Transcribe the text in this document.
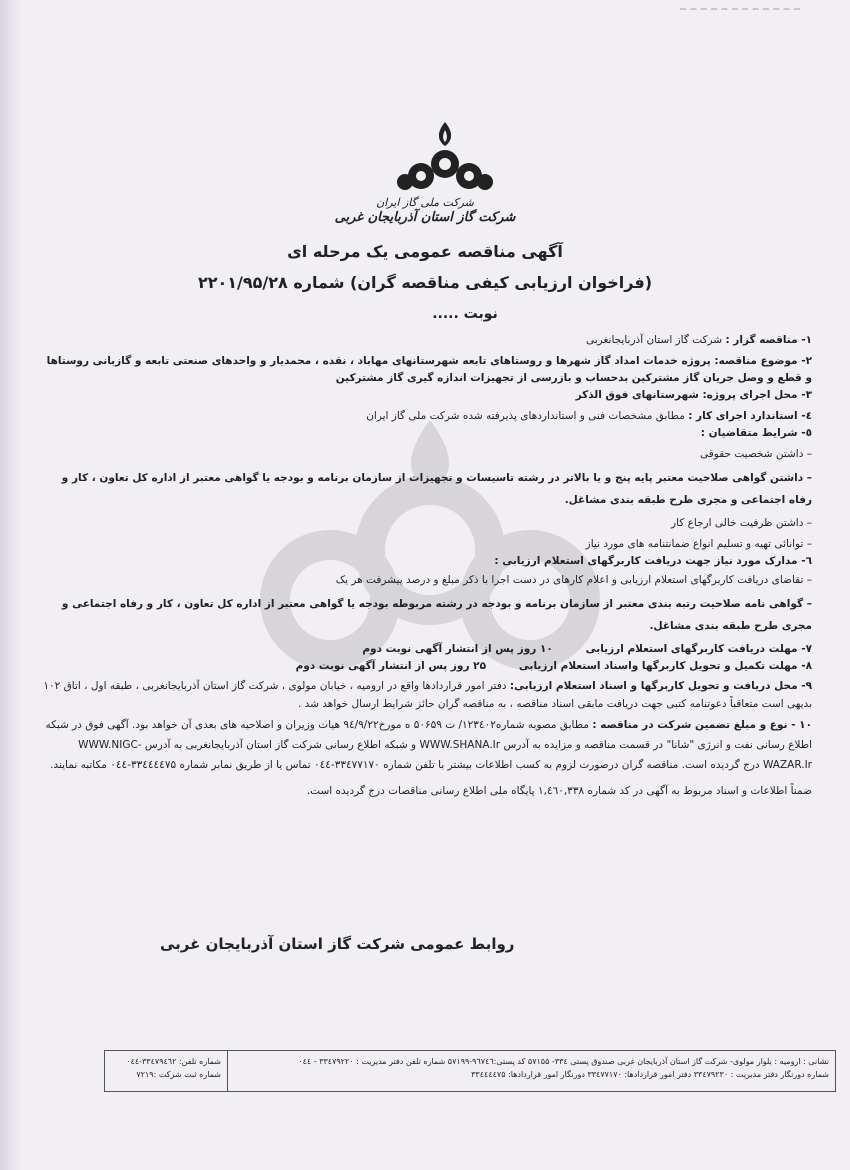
شرکت ملی گاز ایران
شرکت گاز استان آذربایجان غربی
آگهی مناقصه عمومی یک مرحله ای
(فراخوان ارزیابی کیفی مناقصه گران) شماره ۲۲۰۱/۹۵/۲۸
نوبت .....

۱- مناقصه گزار : شرکت گاز استان آذربایجانغربی

۲- موضوع مناقصه: پروژه خدمات امداد گاز شهرها و روستاهای تابعه شهرستانهای مهاباد ، نقده ، محمدیار و واحدهای صنعتی تابعه و گازبانی روستاها و قطع و وصل جریان گاز مشترکین بدحساب و بازرسی از تجهیزات اندازه گیری گاز مشترکین

۳- محل اجرای پروژه: شهرستانهای فوق الذکر

٤- استاندارد اجرای کار : مطابق مشخصات فنی و استانداردهای پذیرفته شده شرکت ملی گاز ایران

٥- شرایط متقاضیان :

– داشتن شخصیت حقوقی

– داشتن گواهی صلاحیت معتبر پایه پنج و یا بالاتر در رشته تاسیسات و تجهیزات از سازمان برنامه و بودجه یا گواهی معتبر از اداره کل تعاون ، کار و رفاه اجتماعی و مجری طرح طبقه بندی مشاغل.

– داشتن ظرفیت خالی ارجاع کار

– توانائی تهیه و تسلیم انواع ضمانتنامه های مورد نیاز

٦- مدارک مورد نیاز جهت دریافت کاربرگهای استعلام ارزیابی :

– تقاضای دریافت کاربرگهای استعلام ارزیابی و اعلام کارهای در دست اجرا با ذکر مبلغ و درصد پیشرفت هر یک

– گواهی نامه صلاحیت رتبه بندی معتبر از سازمان برنامه و بودجه در رشته مربوطه بودجه یا گواهی معتبر از اداره کل تعاون ، کار و رفاه اجتماعی و مجری طرح طبقه بندی مشاغل.

۷- مهلت دریافت کاربرگهای استعلام ارزیابی         ۱۰ روز پس از انتشار آگهی نوبت دوم

۸- مهلت تکمیل و تحویل کاربرگها واسناد استعلام ارزیابی         ۲۵ روز پس از انتشار آگهی نوبت دوم

۹- محل دریافت و تحویل کاربرگها و اسناد استعلام ارزیابی: دفتر امور قراردادها واقع در ارومیه ، خیابان مولوی ، شرکت گاز استان آذربایجانغربی ، طبقه اول ، اتاق ۱۰۲ بدیهی است متعاقباً دعوتنامه کتبی جهت دریافت مابقی اسناد مناقصه ، به مناقصه گران حائز شرایط ارسال خواهد شد .

۱۰ - نوع و مبلغ تضمین شرکت در مناقصه : مطابق مصوبه شماره۱۲۳٤۰۲/ ت ۵۰۶۵۹ ه مورخ۹٤/۹/۲۲ هیات وزیران و اصلاحیه های بعدی آن خواهد بود. آگهی فوق در شبکه اطلاع رسانی نفت و انرژی "شانا" در قسمت مناقصه و مزایده به آدرس WWW.SHANA.Ir و شبکه اطلاع رسانی شرکت گاز استان آذربایجانغربی به آدرس WWW.NIGC-WAZAR.Ir درج گردیده است. مناقصه گران درصورت لزوم به کسب اطلاعات بیشتر با تلفن شماره ۳۳٤۷۷۱۷۰-۰٤٤ تماس یا از طریق نمابر شماره ۳۳٤٤٤٤۷۵-۰٤٤ مکاتبه نمایند.

ضمناً اطلاعات و اسناد مربوط به آگهی در کد شماره ۱,٤٦۰,۳۳۸ پایگاه ملی اطلاع رسانی مناقصات درج گردیده است.

روابط عمومی شرکت گاز استان آذربایجان غربی
نشانی : ارومیه : بلوار مولوی- شرکت گاز استان آذربایجان غربی صندوق پستی ۳۳٤- ۵۷۱۵۵ کد پستی:۹٦۷٤٦-۵۷۱۹۹ شماره تلفن دفتر مدیریت : ۳۳٤۷۹۲۲۰ - ۰٤٤
شماره دورنگار دفتر مدیریت : ۳۳٤۷۹۲۳۰ دفتر امور قراردادها: ۳۳٤۷۷۱۷۰ دورنگار امور قراردادها: ۳۳٤٤٤٤۷۵
شماره تلفن: ۳۳٤۷۹٤٦۲-۰٤٤
شماره ثبت شرکت :۷۲۱۹
